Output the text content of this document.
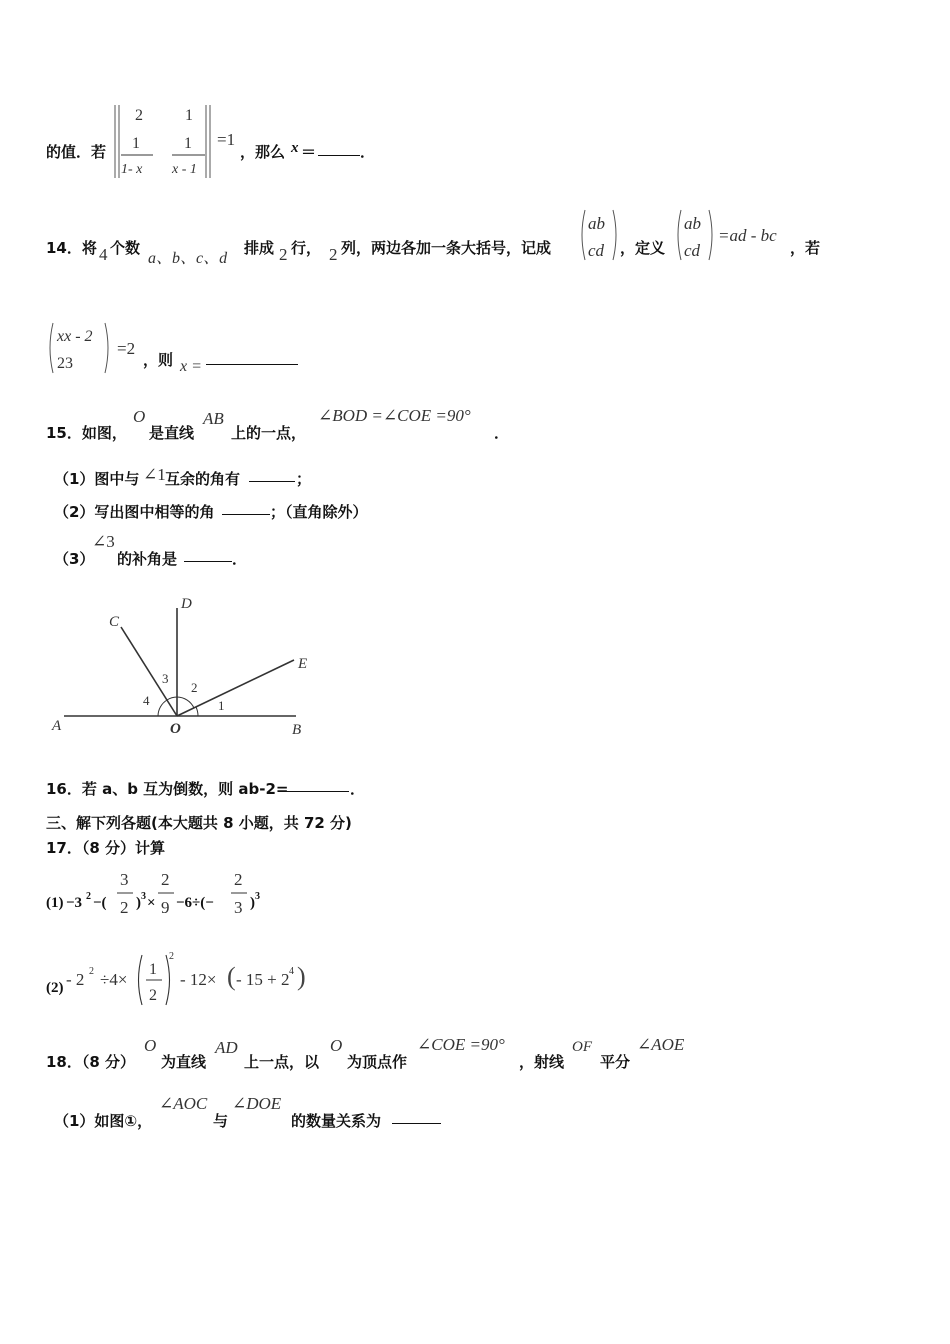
的值．若
2	1
1
1- x
1
x - 1
=1
，那么 x ＝	．
14．将 4 个数
a、b、c、d
排成 2 行， 2 列，两边各加一条大括号，记成
ab
cd ，定义
ab
cd
=ad - bc
，若
xx - 2
23
=2
，则 x =
15．如图，
O
是直线
AB
上的一点，
∠BOD =∠COE =90°
．
（1）图中与 ∠1 互余的角有	；
（2）写出图中相等的角	；（直角除外）
（3）
∠3
的补角是	．
A	B
C
D
E
O
1
2
3
4
16．若 a、b 互为倒数，则 ab-2=	．
三、解下列各题(本大题共 8 小题，共 72 分)
17．（8 分）计算
(1) −3 2 −(
3
2 ) 3 ×
2
9 −6÷(−
2
3 ) 3
(2) - 2 2 ÷4×
1
2
2
- 12× ( - 15 + 2 4 )
18．（8 分）
O
为直线
AD
上一点，以
O
为顶点作
∠COE =90°
，射线
OF
平分
∠AOE
（1）如图①，
∠AOC
与
∠DOE
的数量关系为
